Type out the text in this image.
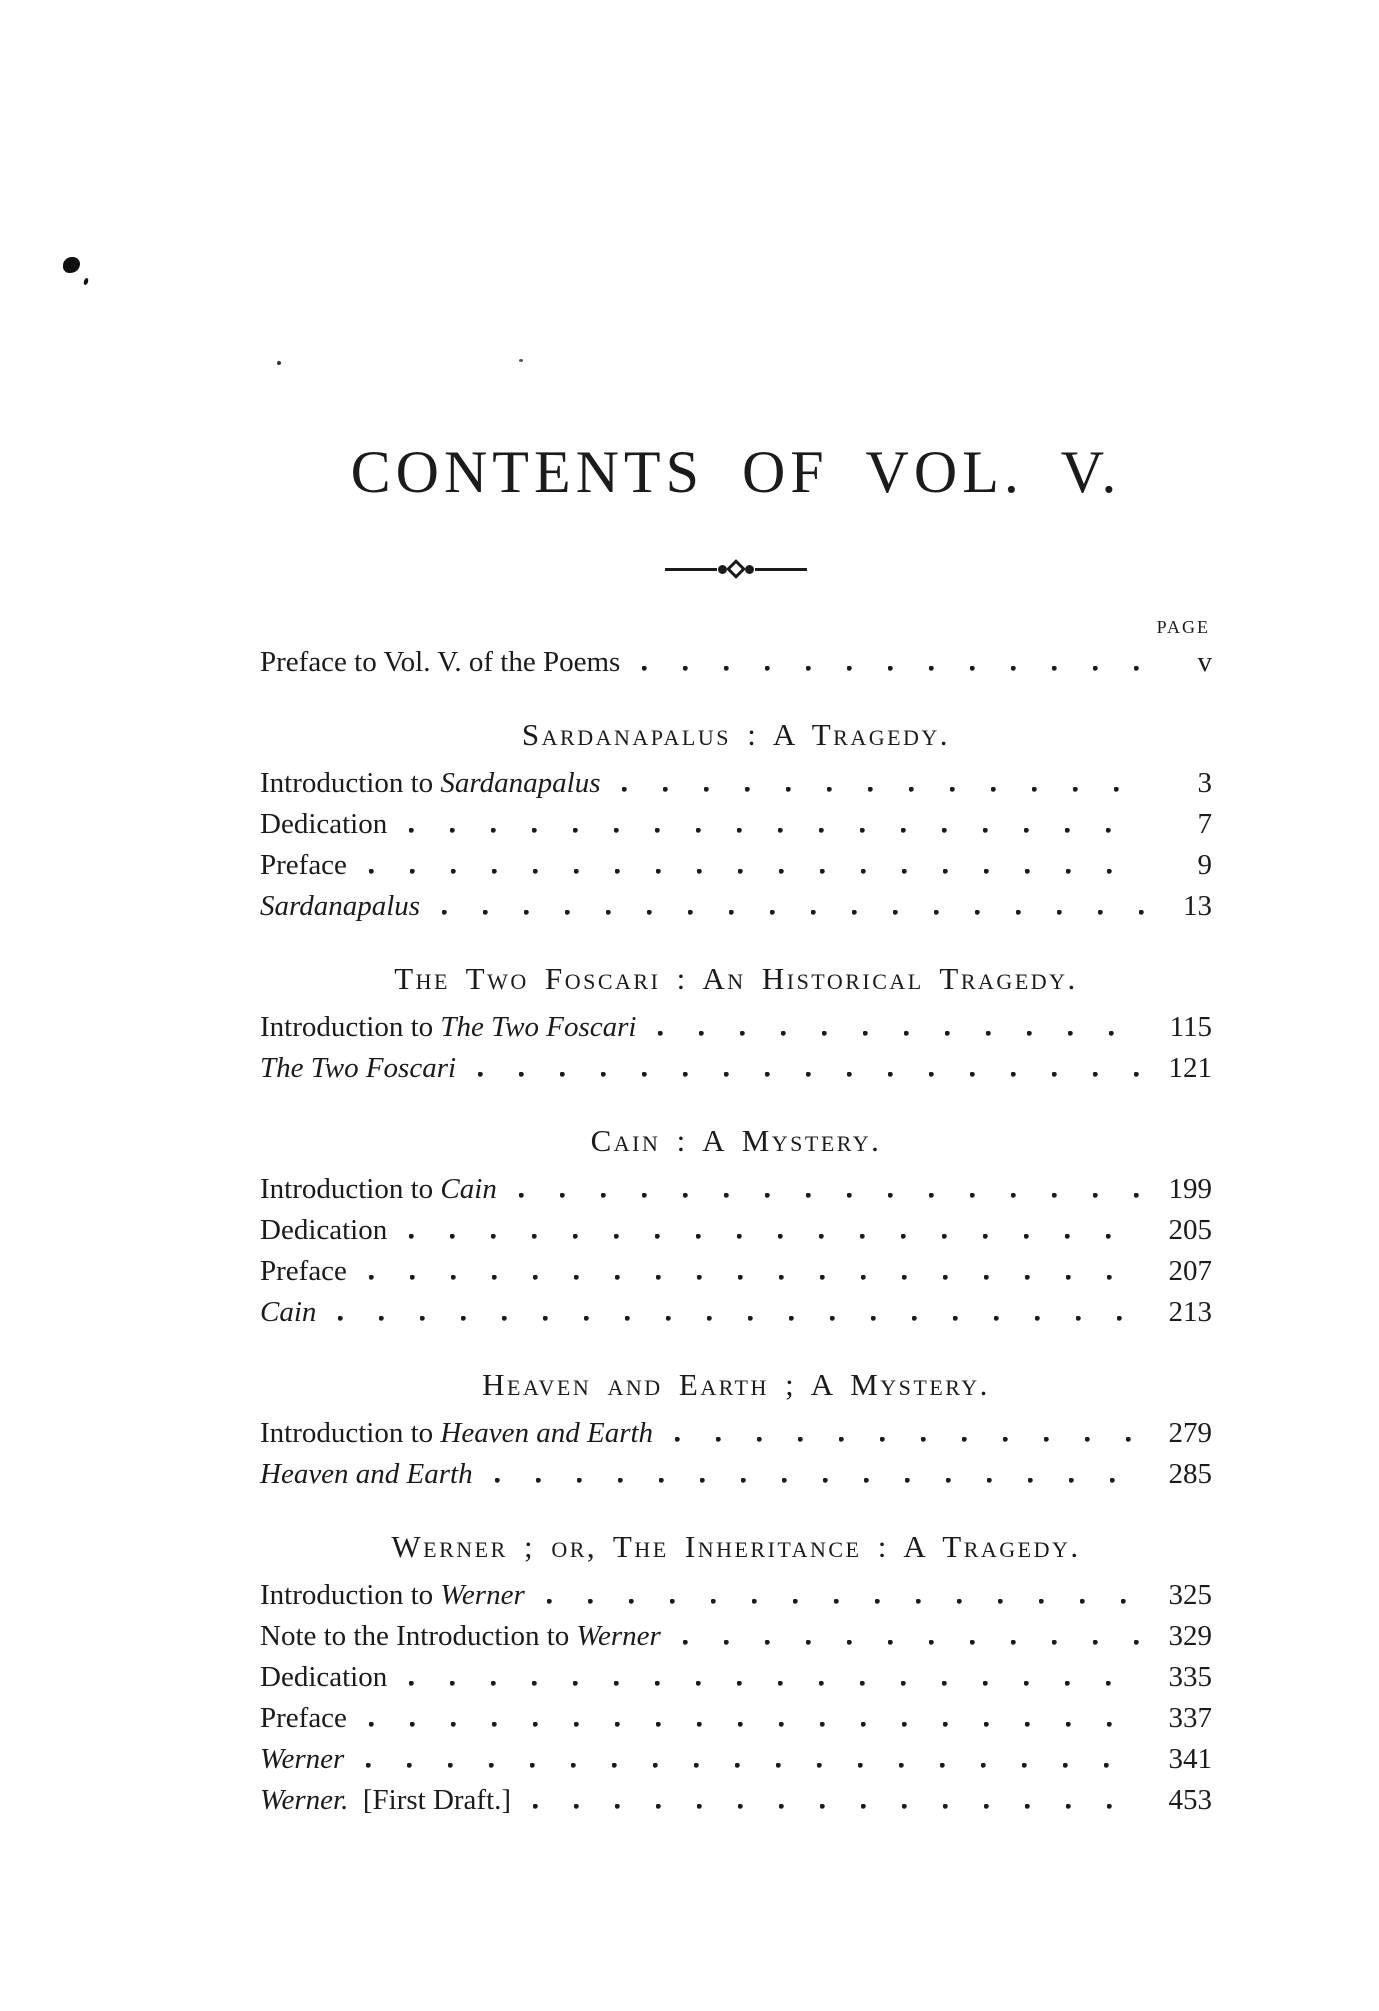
CONTENTS OF VOL. V.
PAGE
Preface to Vol. V. of the Poems	v
Sardanapalus : A Tragedy.
Introduction to Sardanapalus	3
Dedication	7
Preface	9
Sardanapalus	13
The Two Foscari : An Historical Tragedy.
Introduction to The Two Foscari	115
The Two Foscari	121
Cain : A Mystery.
Introduction to Cain	199
Dedication	205
Preface	207
Cain	213
Heaven and Earth ; A Mystery.
Introduction to Heaven and Earth	279
Heaven and Earth	285
Werner ; or, The Inheritance : A Tragedy.
Introduction to Werner	325
Note to the Introduction to Werner	329
Dedication	335
Preface	337
Werner	341
Werner. [First Draft.]	453
